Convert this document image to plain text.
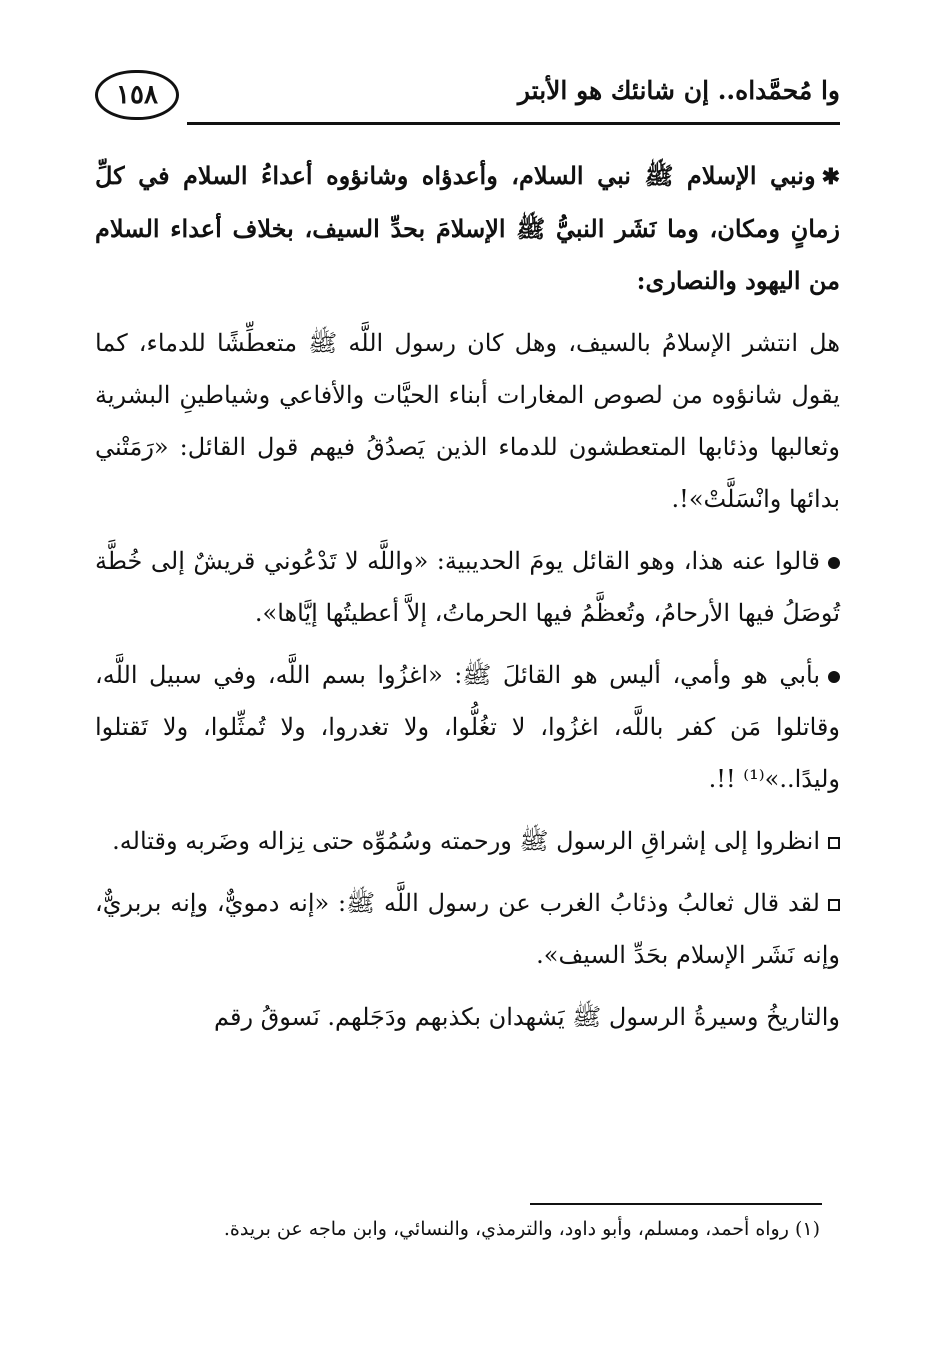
١٥٨	وا مُحمَّداه.. إن شانئك هو الأبتر

✱ونبي الإسلام ﷺ نبي السلام، وأعدؤاه وشانؤوه أعداءُ السلام في كلِّ زمانٍ ومكان، وما نَشَر النبيُّ ﷺ الإسلامَ بحدِّ السيف، بخلاف أعداء السلام من اليهود والنصارى:

هل انتشر الإسلامُ بالسيف، وهل كان رسول اللَّه ﷺ متعطِّشًا للدماء، كما يقول شانؤوه من لصوص المغارات أبناء الحيَّات والأفاعي وشياطينِ البشرية وثعالبها وذئابها المتعطشون للدماء الذين يَصدُقُ فيهم قول القائل: «رَمَتْني بدائها وانْسَلَّتْ»!.

قالوا عنه هذا، وهو القائل يومَ الحديبية: «واللَّه لا تَدْعُوني قريشٌ إلى خُطَّة تُوصَلُ فيها الأرحامُ، وتُعظَّمُ فيها الحرماتُ، إلاَّ أعطيتُها إيَّاها».

بأبي هو وأمي، أليس هو القائلَ ﷺ: «اغزُوا بسم اللَّه، وفي سبيل اللَّه، وقاتلوا مَن كفر باللَّه، اغزُوا، لا تغُلُّوا، ولا تغدروا، ولا تُمثِّلوا، ولا تَقتلوا وليدًا..»⁽¹⁾ !!.

انظروا إلى إشراقِ الرسول ﷺ ورحمته وسُمُوِّه حتى نِزاله وضَربه وقتاله.

لقد قال ثعالبُ وذئابُ الغرب عن رسول اللَّه ﷺ: «إنه دمويٌّ، وإنه بربريٌّ، وإنه نَشَر الإسلام بحَدِّ السيف».

والتاريخُ وسيرةُ الرسول ﷺ يَشهدان بكذبهم ودَجَلهم. نَسوقُ رقم

(١) رواه أحمد، ومسلم، وأبو داود، والترمذي، والنسائي، وابن ماجه عن بريدة.
